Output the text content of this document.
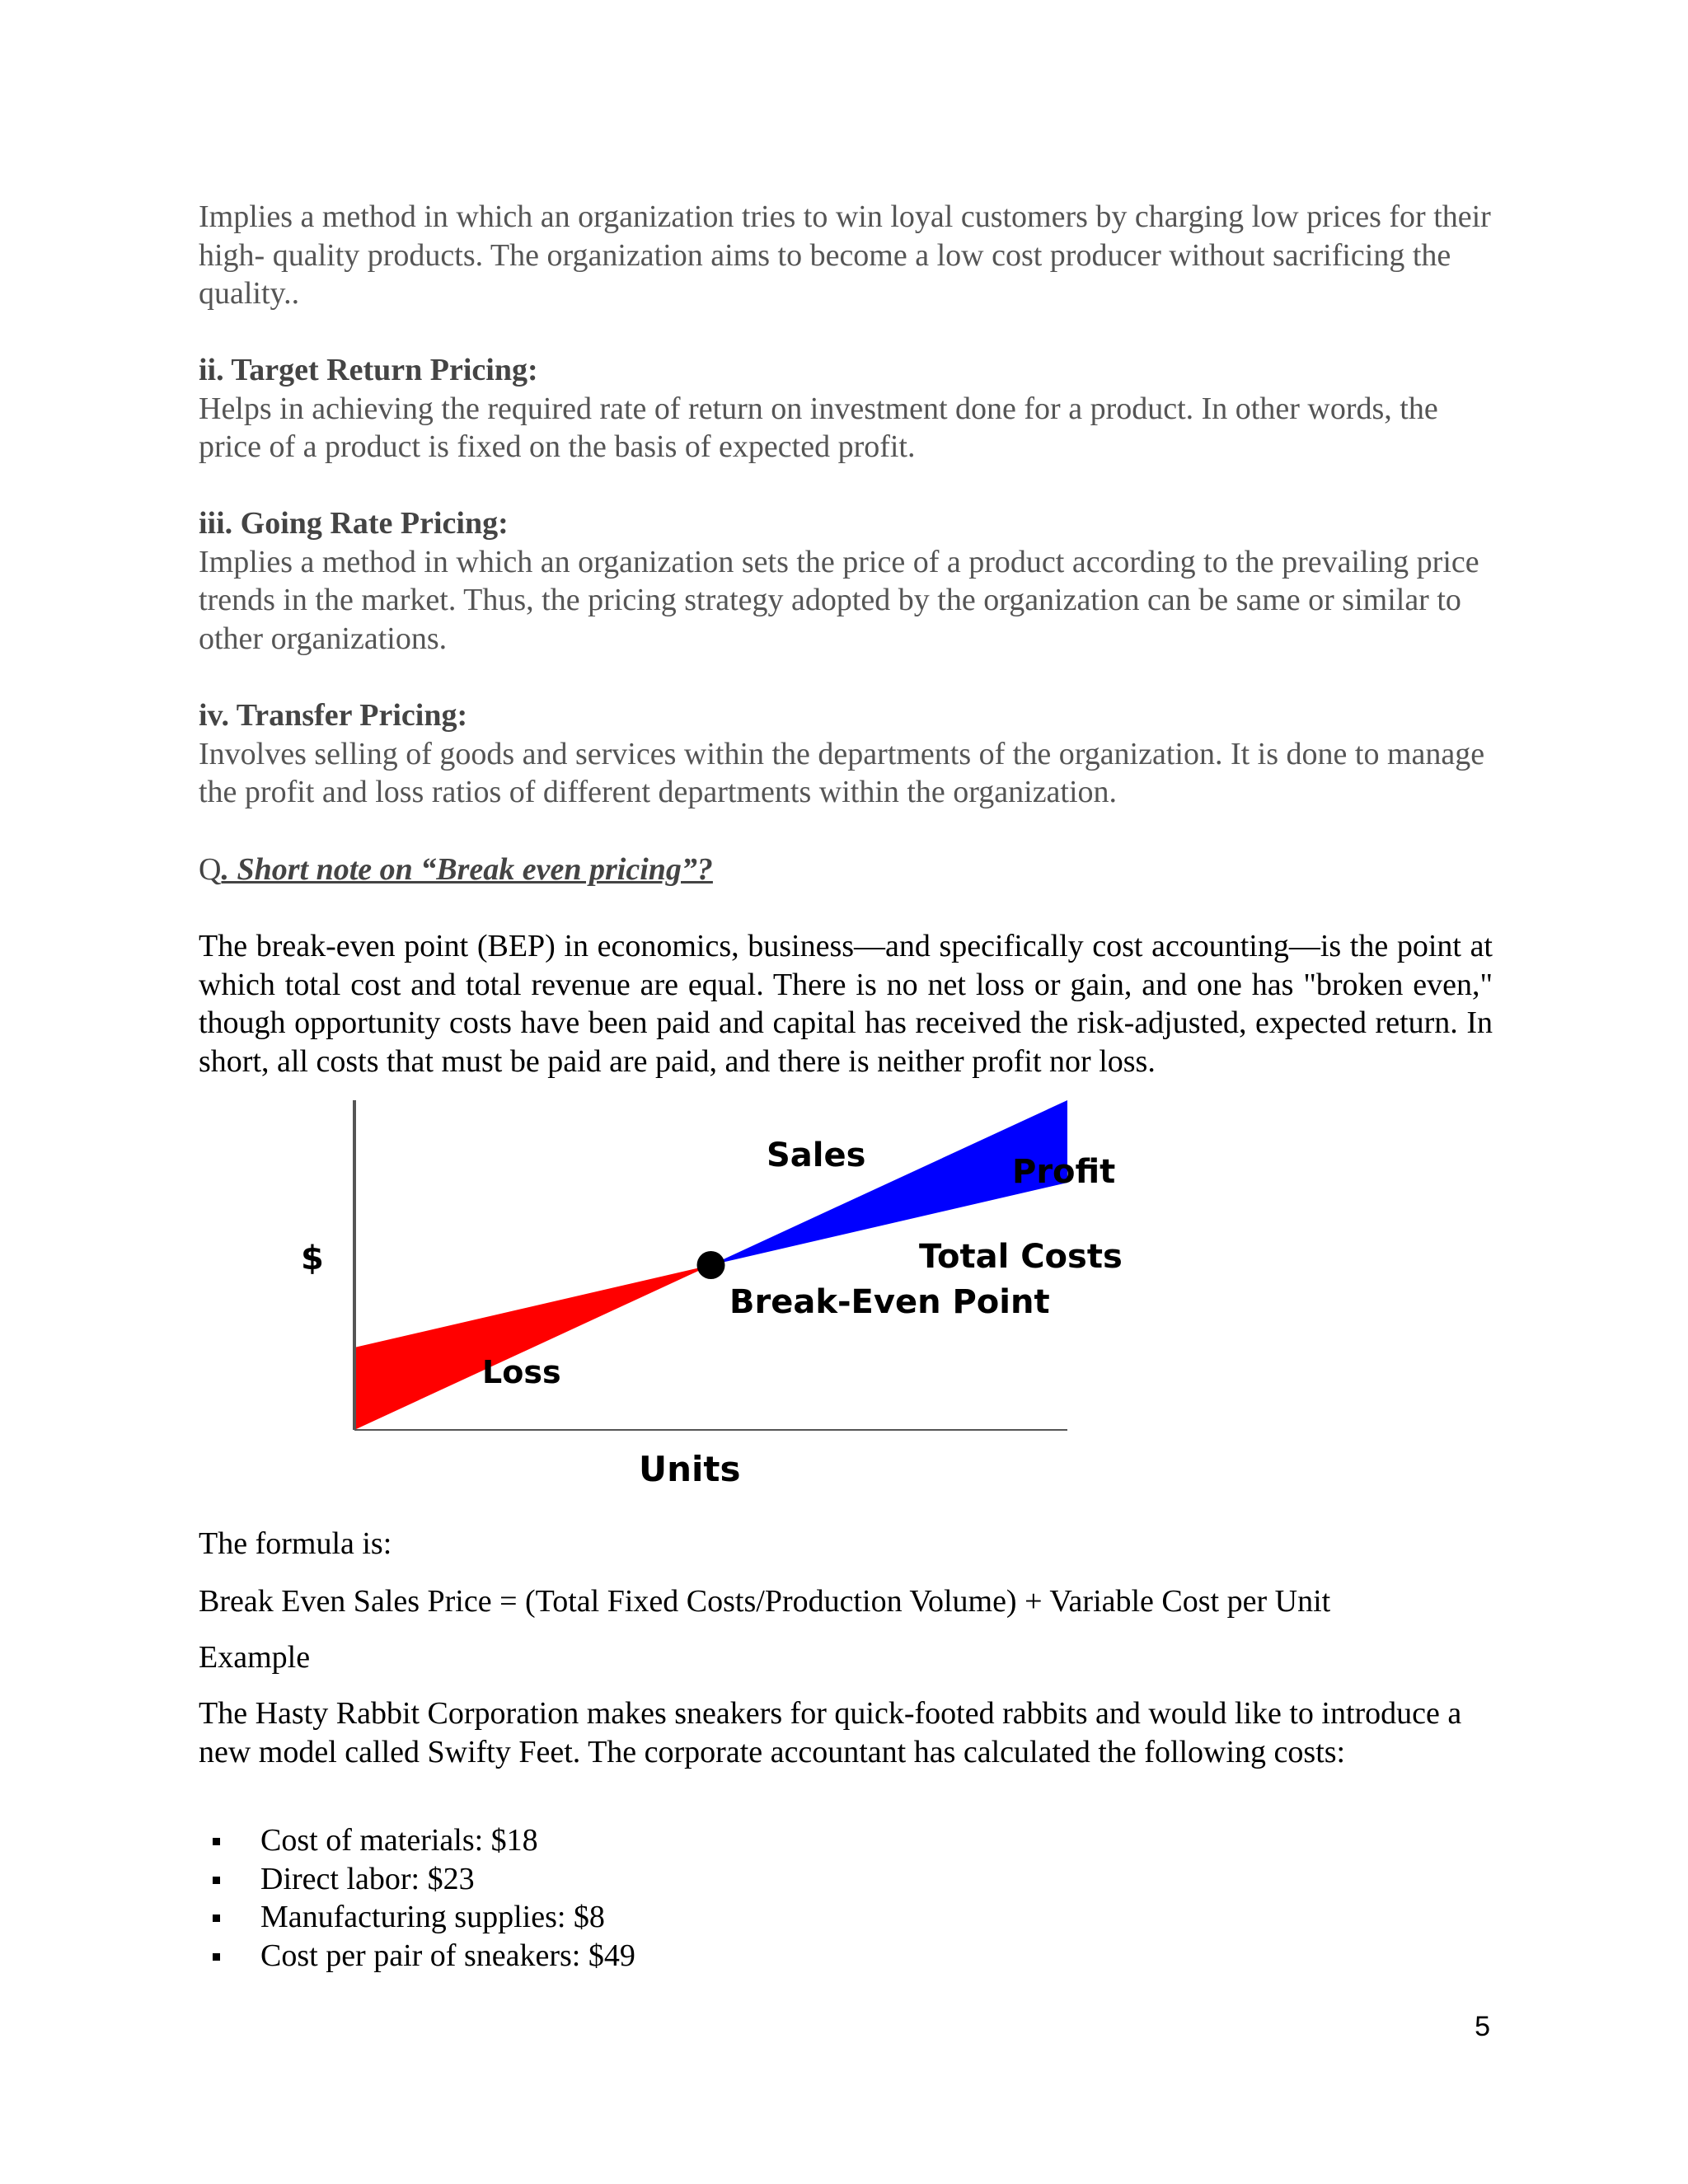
Implies a method in which an organization tries to win loyal customers by charging low prices for their high- quality products. The organization aims to become a low cost producer without sacrificing the quality..
ii. Target Return Pricing:
Helps in achieving the required rate of return on investment done for a product. In other words, the price of a product is fixed on the basis of expected profit.
iii. Going Rate Pricing:
Implies a method in which an organization sets the price of a product according to the prevailing price trends in the market. Thus, the pricing strategy adopted by the organization can be same or similar to other organizations.
iv. Transfer Pricing:
Involves selling of goods and services within the departments of the organization. It is done to manage the profit and loss ratios of different departments within the organization.
Q. Short note on “Break even pricing”?
The break-even point (BEP) in economics, business—and specifically cost accounting—is the point at which total cost and total revenue are equal. There is no net loss or gain, and one has "broken even," though opportunity costs have been paid and capital has received the risk-adjusted, expected return. In short, all costs that must be paid are paid, and there is neither profit nor loss.
Sales	Profit
Total Costs
Break-Even Point
Loss
$
Units
The formula is:
Break Even Sales Price = (Total Fixed Costs/Production Volume) + Variable Cost per Unit
Example
The Hasty Rabbit Corporation makes sneakers for quick-footed rabbits and would like to introduce a new model called Swifty Feet. The corporate accountant has calculated the following costs:
Cost of materials: $18
Direct labor: $23
Manufacturing supplies: $8
Cost per pair of sneakers: $49
5
